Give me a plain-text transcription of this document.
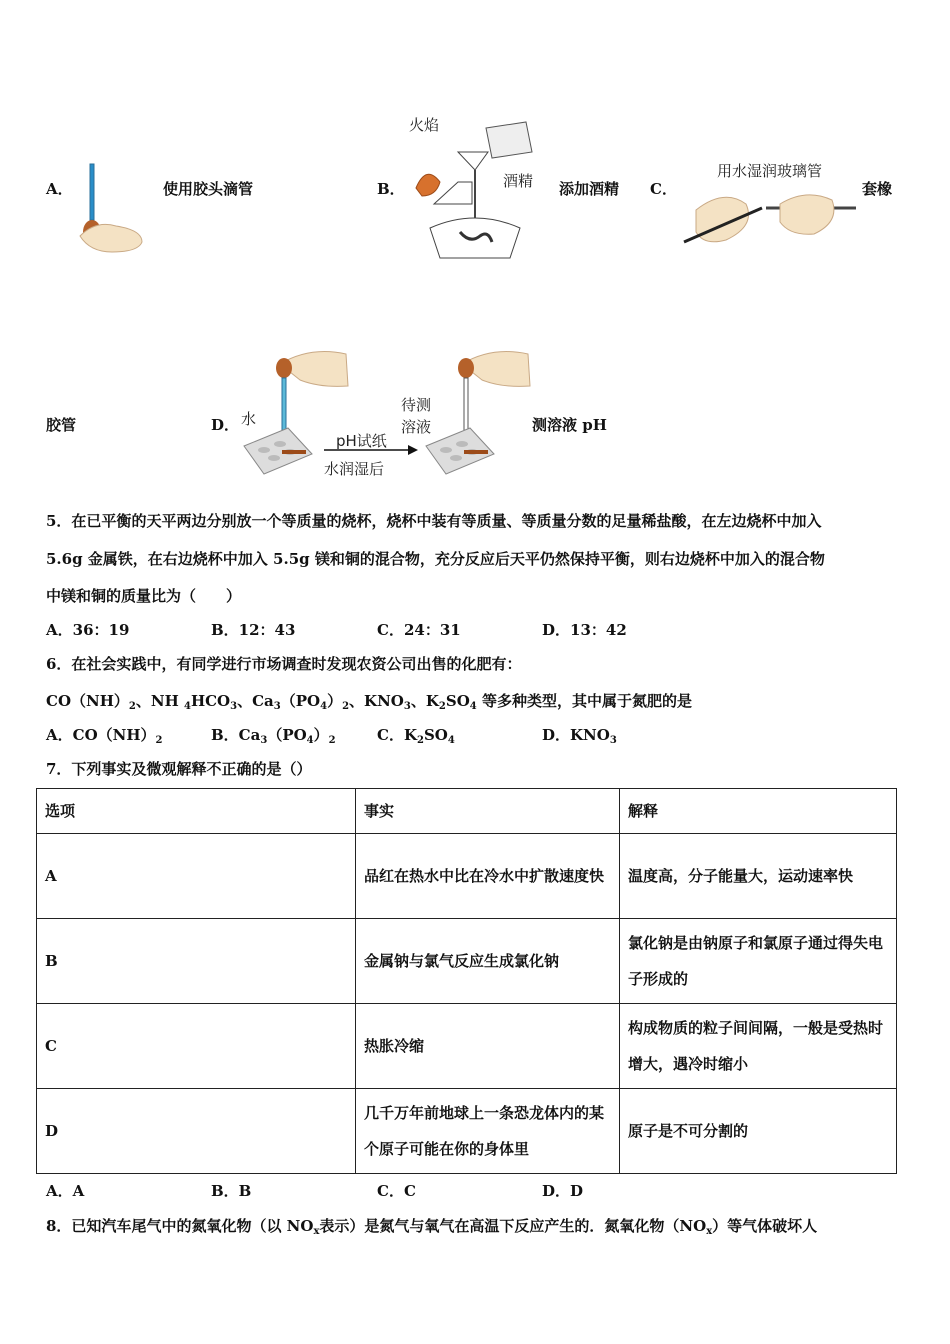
A．	使用胶头滴管	B．
火焰
酒精 添加酒精 C．
用水湿润玻璃管
套橡
胶管	D． 水
pH试纸
水润湿后
待测
溶液	测溶液 pH
5．在已平衡的天平两边分别放一个等质量的烧杯，烧杯中装有等质量、等质量分数的足量稀盐酸，在左边烧杯中加入
5.6g 金属铁，在右边烧杯中加入 5.5g 镁和铜的混合物，充分反应后天平仍然保持平衡，则右边烧杯中加入的混合物
中镁和铜的质量比为（　　）
A．36：19	B．12：43	C．24：31	D．13：42
6．在社会实践中，有同学进行市场调查时发现农资公司出售的化肥有：
$CO(NH)_2$、NH $_4HCO_3$、$Ca_3(PO_4)_2$、$KNO_3$、$K_2SO_4$ 等多种类型，其中属于氮肥的是
A．$CO(NH)_2$	B．$Ca_3(PO_4)_2$	C．$K_2SO_4$	D．$KNO_3$
7．下列事实及微观解释不正确的是（）
选项	事实	解释
A	品红在热水中比在冷水中扩散速度快	温度高，分子能量大，运动速率快
B	金属钠与氯气反应生成氯化钠	氯化钠是由钠原子和氯原子通过得失电子形成的
C	热胀冷缩	构成物质的粒子间间隔，一般是受热时增大，遇冷时缩小
D	几千万年前地球上一条恐龙体内的某个原子可能在你的身体里	原子是不可分割的
A．A	B．B	C．C	D．D
8．已知汽车尾气中的氮氧化物（以 $NO_x$表示）是氮气与氧气在高温下反应产生的．氮氧化物$(NO_x)$等气体破坏人
